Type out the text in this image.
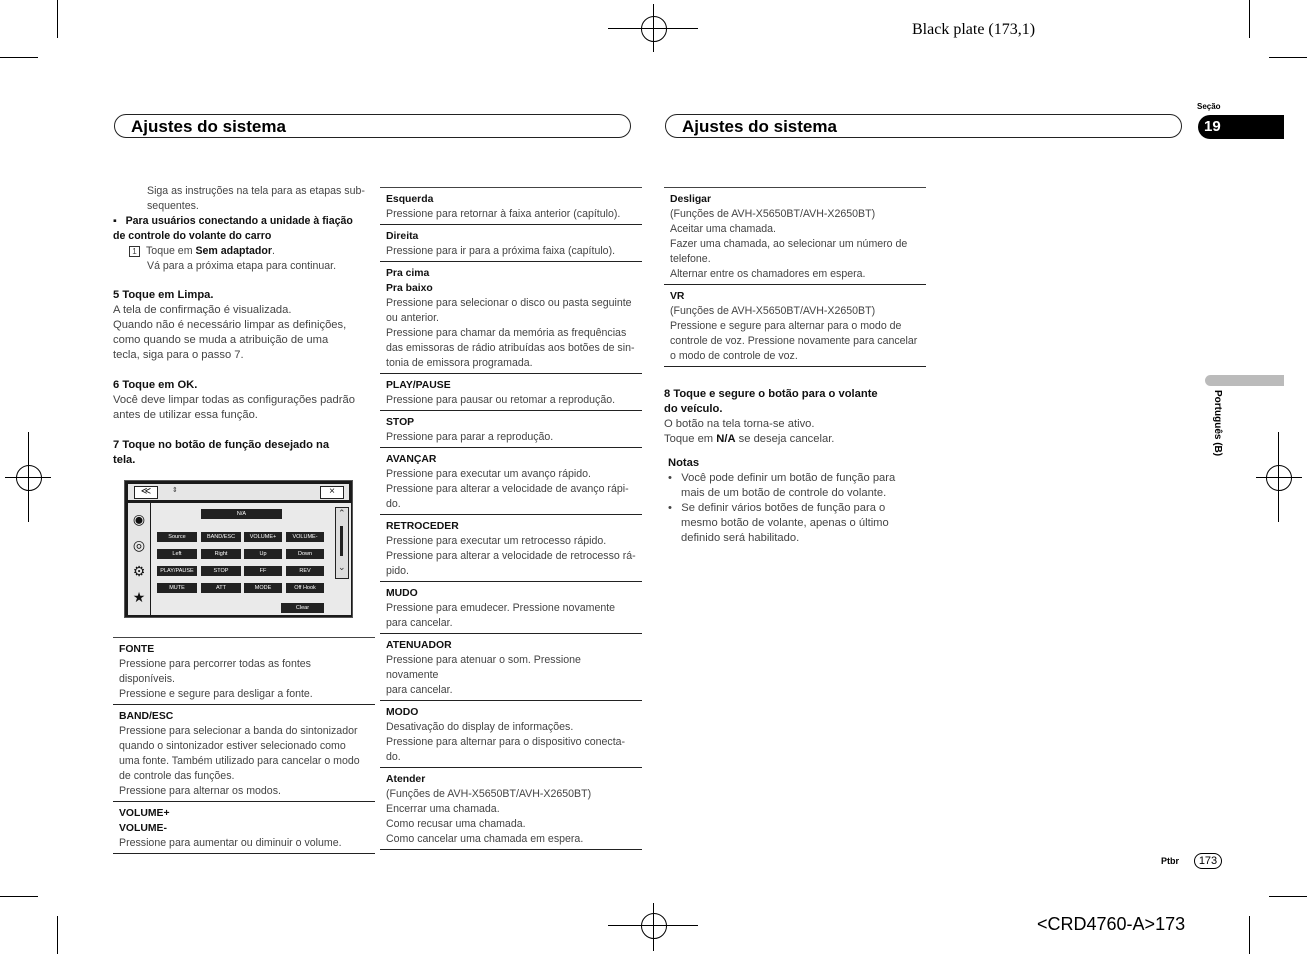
Black plate (173,1)
<CRD4760-A>173
Ajustes do sistema	Ajustes do sistema
Seção
19
Português (B)

Siga as instruções na tela para as etapas sub-

sequentes.

▪   Para usuários conectando a unidade à fiação

de controle do volante do carro

1 Toque em Sem adaptador.

Vá para a próxima etapa para continuar.

5 Toque em Limpa.

A tela de confirmação é visualizada.

Quando não é necessário limpar as definições,

como quando se muda a atribuição de uma

tecla, siga para o passo 7.

6 Toque em OK.

Você deve limpar todas as configurações padrão

antes de utilizar essa função.

7 Toque no botão de função desejado na

tela.

≪	⇕	×
◉
◎
⚙
★
N/A
Source	BAND/ESC	VOLUME+	VOLUME-
Left	Right	Up	Down
PLAY/PAUSE	STOP	FF	REV
MUTE	ATT	MODE	Off Hook
Clear
⌃
⌄
FONTE
Pressione para percorrer todas as fontes disponíveis.
Pressione e segure para desligar a fonte.
BAND/ESC
Pressione para selecionar a banda do sintonizador
quando o sintonizador estiver selecionado como
uma fonte. Também utilizado para cancelar o modo
de controle das funções.
Pressione para alternar os modos.
VOLUME+
VOLUME-
Pressione para aumentar ou diminuir o volume.
Esquerda
Pressione para retornar à faixa anterior (capítulo).
Direita
Pressione para ir para a próxima faixa (capítulo).
Pra cima
Pra baixo
Pressione para selecionar o disco ou pasta seguinte
ou anterior.
Pressione para chamar da memória as frequências
das emissoras de rádio atribuídas aos botões de sin-
tonia de emissora programada.
PLAY/PAUSE
Pressione para pausar ou retomar a reprodução.
STOP
Pressione para parar a reprodução.
AVANÇAR
Pressione para executar um avanço rápido.
Pressione para alterar a velocidade de avanço rápi-
do.
RETROCEDER
Pressione para executar um retrocesso rápido.
Pressione para alterar a velocidade de retrocesso rá-
pido.
MUDO
Pressione para emudecer. Pressione novamente
para cancelar.
ATENUADOR
Pressione para atenuar o som. Pressione novamente
para cancelar.
MODO
Desativação do display de informações.
Pressione para alternar para o dispositivo conecta-
do.
Atender
(Funções de AVH-X5650BT/AVH-X2650BT)
Encerrar uma chamada.
Como recusar uma chamada.
Como cancelar uma chamada em espera.
Desligar
(Funções de AVH-X5650BT/AVH-X2650BT)
Aceitar uma chamada.
Fazer uma chamada, ao selecionar um número de
telefone.
Alternar entre os chamadores em espera.
VR
(Funções de AVH-X5650BT/AVH-X2650BT)
Pressione e segure para alternar para o modo de
controle de voz. Pressione novamente para cancelar
o modo de controle de voz.

8 Toque e segure o botão para o volante

do veículo.

O botão na tela torna-se ativo.

Toque em N/A se deseja cancelar.

Notas

•   Você pode definir um botão de função para

mais de um botão de controle do volante.

•   Se definir vários botões de função para o

mesmo botão de volante, apenas o último

definido será habilitado.

Ptbr	173
